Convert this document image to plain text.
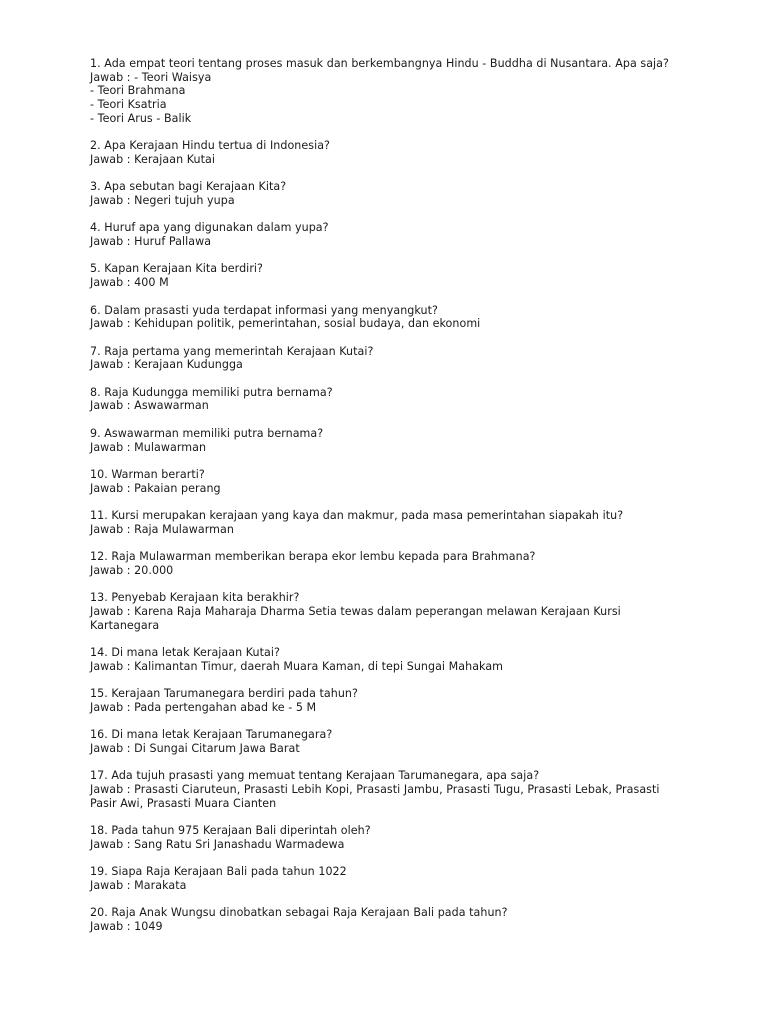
1. Ada empat teori tentang proses masuk dan berkembangnya Hindu - Buddha di Nusantara. Apa saja?
Jawab : - Teori Waisya
- Teori Brahmana
- Teori Ksatria
- Teori Arus - Balik
2. Apa Kerajaan Hindu tertua di Indonesia?
Jawab : Kerajaan Kutai
3. Apa sebutan bagi Kerajaan Kita?
Jawab : Negeri tujuh yupa
4. Huruf apa yang digunakan dalam yupa?
Jawab : Huruf Pallawa
5. Kapan Kerajaan Kita berdiri?
Jawab : 400 M
6. Dalam prasasti yuda terdapat informasi yang menyangkut?
Jawab : Kehidupan politik, pemerintahan, sosial budaya, dan ekonomi
7. Raja pertama yang memerintah Kerajaan Kutai?
Jawab : Kerajaan Kudungga
8. Raja Kudungga memiliki putra bernama?
Jawab : Aswawarman
9. Aswawarman memiliki putra bernama?
Jawab : Mulawarman
10. Warman berarti?
Jawab : Pakaian perang
11. Kursi merupakan kerajaan yang kaya dan makmur, pada masa pemerintahan siapakah itu?
Jawab : Raja Mulawarman
12. Raja Mulawarman memberikan berapa ekor lembu kepada para Brahmana?
Jawab : 20.000
13. Penyebab Kerajaan kita berakhir?
Jawab : Karena Raja Maharaja Dharma Setia tewas dalam peperangan melawan Kerajaan Kursi
Kartanegara
14. Di mana letak Kerajaan Kutai?
Jawab : Kalimantan Timur, daerah Muara Kaman, di tepi Sungai Mahakam
15. Kerajaan Tarumanegara berdiri pada tahun?
Jawab : Pada pertengahan abad ke - 5 M
16. Di mana letak Kerajaan Tarumanegara?
Jawab : Di Sungai Citarum Jawa Barat
17. Ada tujuh prasasti yang memuat tentang Kerajaan Tarumanegara, apa saja?
Jawab : Prasasti Ciaruteun, Prasasti Lebih Kopi, Prasasti Jambu, Prasasti Tugu, Prasasti Lebak, Prasasti
Pasir Awi, Prasasti Muara Cianten
18. Pada tahun 975 Kerajaan Bali diperintah oleh?
Jawab : Sang Ratu Sri Janashadu Warmadewa
19. Siapa Raja Kerajaan Bali pada tahun 1022
Jawab : Marakata
20. Raja Anak Wungsu dinobatkan sebagai Raja Kerajaan Bali pada tahun?
Jawab : 1049
